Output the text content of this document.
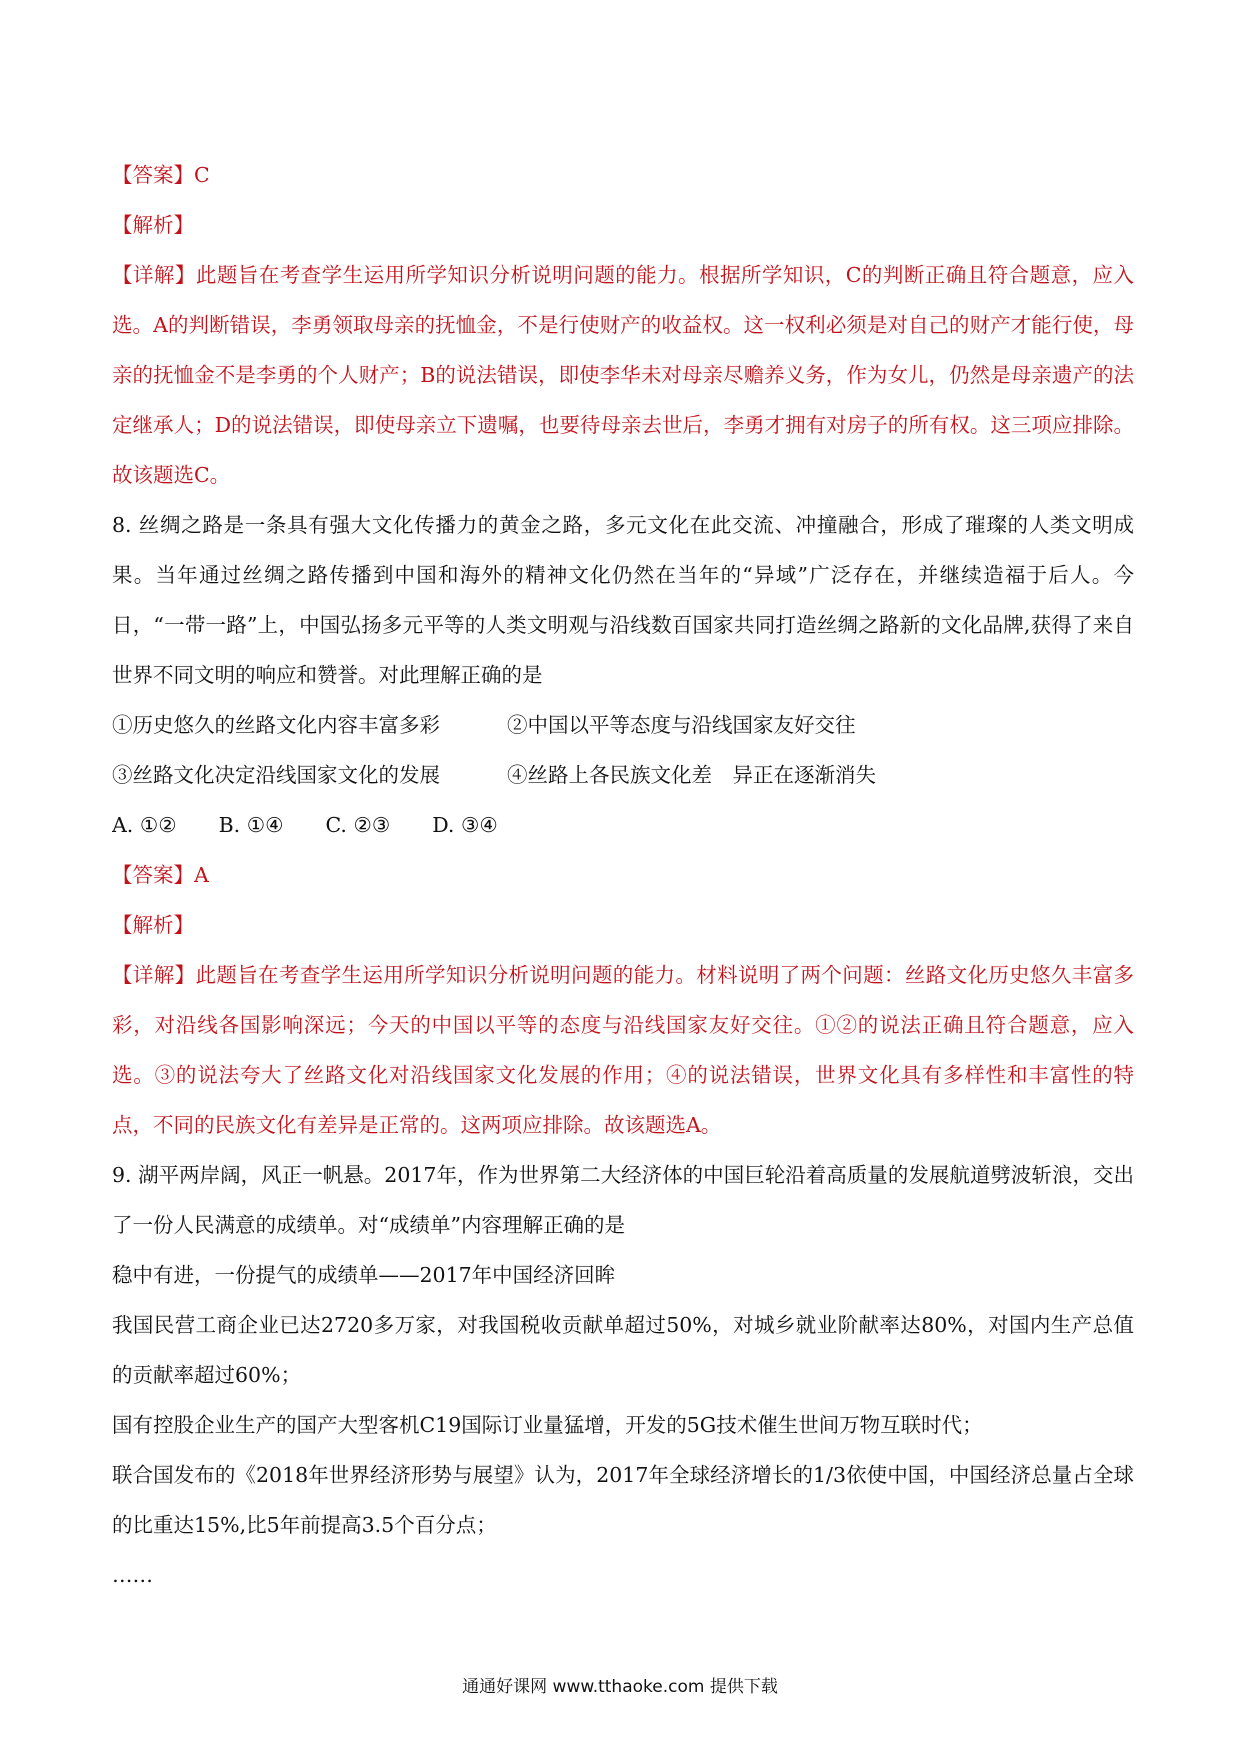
【答案】C
【解析】
【详解】此题旨在考查学生运用所学知识分析说明问题的能力。根据所学知识，C的判断正确且符合题意，应入选。A的判断错误，李勇领取母亲的抚恤金，不是行使财产的收益权。这一权利必须是对自己的财产才能行使，母亲的抚恤金不是李勇的个人财产；B的说法错误，即使李华未对母亲尽赡养义务，作为女儿，仍然是母亲遗产的法定继承人；D的说法错误，即使母亲立下遗嘱，也要待母亲去世后，李勇才拥有对房子的所有权。这三项应排除。故该题选C。
8. 丝绸之路是一条具有强大文化传播力的黄金之路，多元文化在此交流、冲撞融合，形成了璀璨的人类文明成果。当年通过丝绸之路传播到中国和海外的精神文化仍然在当年的“异域”广泛存在，并继续造福于后人。今日，“一带一路”上，中国弘扬多元平等的人类文明观与沿线数百国家共同打造丝绸之路新的文化品牌,获得了来自世界不同文明的响应和赞誉。对此理解正确的是
①历史悠久的丝路文化内容丰富多彩	②中国以平等态度与沿线国家友好交往
③丝路文化决定沿线国家文化的发展	④丝路上各民族文化差　异正在逐渐消失
A. ①② B. ①④ C. ②③ D. ③④
【答案】A
【解析】
【详解】此题旨在考查学生运用所学知识分析说明问题的能力。材料说明了两个问题：丝路文化历史悠久丰富多彩，对沿线各国影响深远；今天的中国以平等的态度与沿线国家友好交往。①②的说法正确且符合题意，应入选。③的说法夸大了丝路文化对沿线国家文化发展的作用；④的说法错误，世界文化具有多样性和丰富性的特点，不同的民族文化有差异是正常的。这两项应排除。故该题选A。
9. 湖平两岸阔，风正一帆悬。2017年，作为世界第二大经济体的中国巨轮沿着高质量的发展航道劈波斩浪，交出了一份人民满意的成绩单。对“成绩单”内容理解正确的是
稳中有进，一份提气的成绩单——2017年中国经济回眸
我国民营工商企业已达2720多万家，对我国税收贡献单超过50%，对城乡就业阶献率达80%，对国内生产总值的贡献率超过60%；
国有控股企业生产的国产大型客机C19国际订业量猛增，开发的5G技术催生世间万物互联时代；
联合国发布的《2018年世界经济形势与展望》认为，2017年全球经济增长的1/3依使中国，中国经济总量占全球的比重达15%,比5年前提高3.5个百分点；
……
通通好课网 www.tthaoke.com 提供下载
